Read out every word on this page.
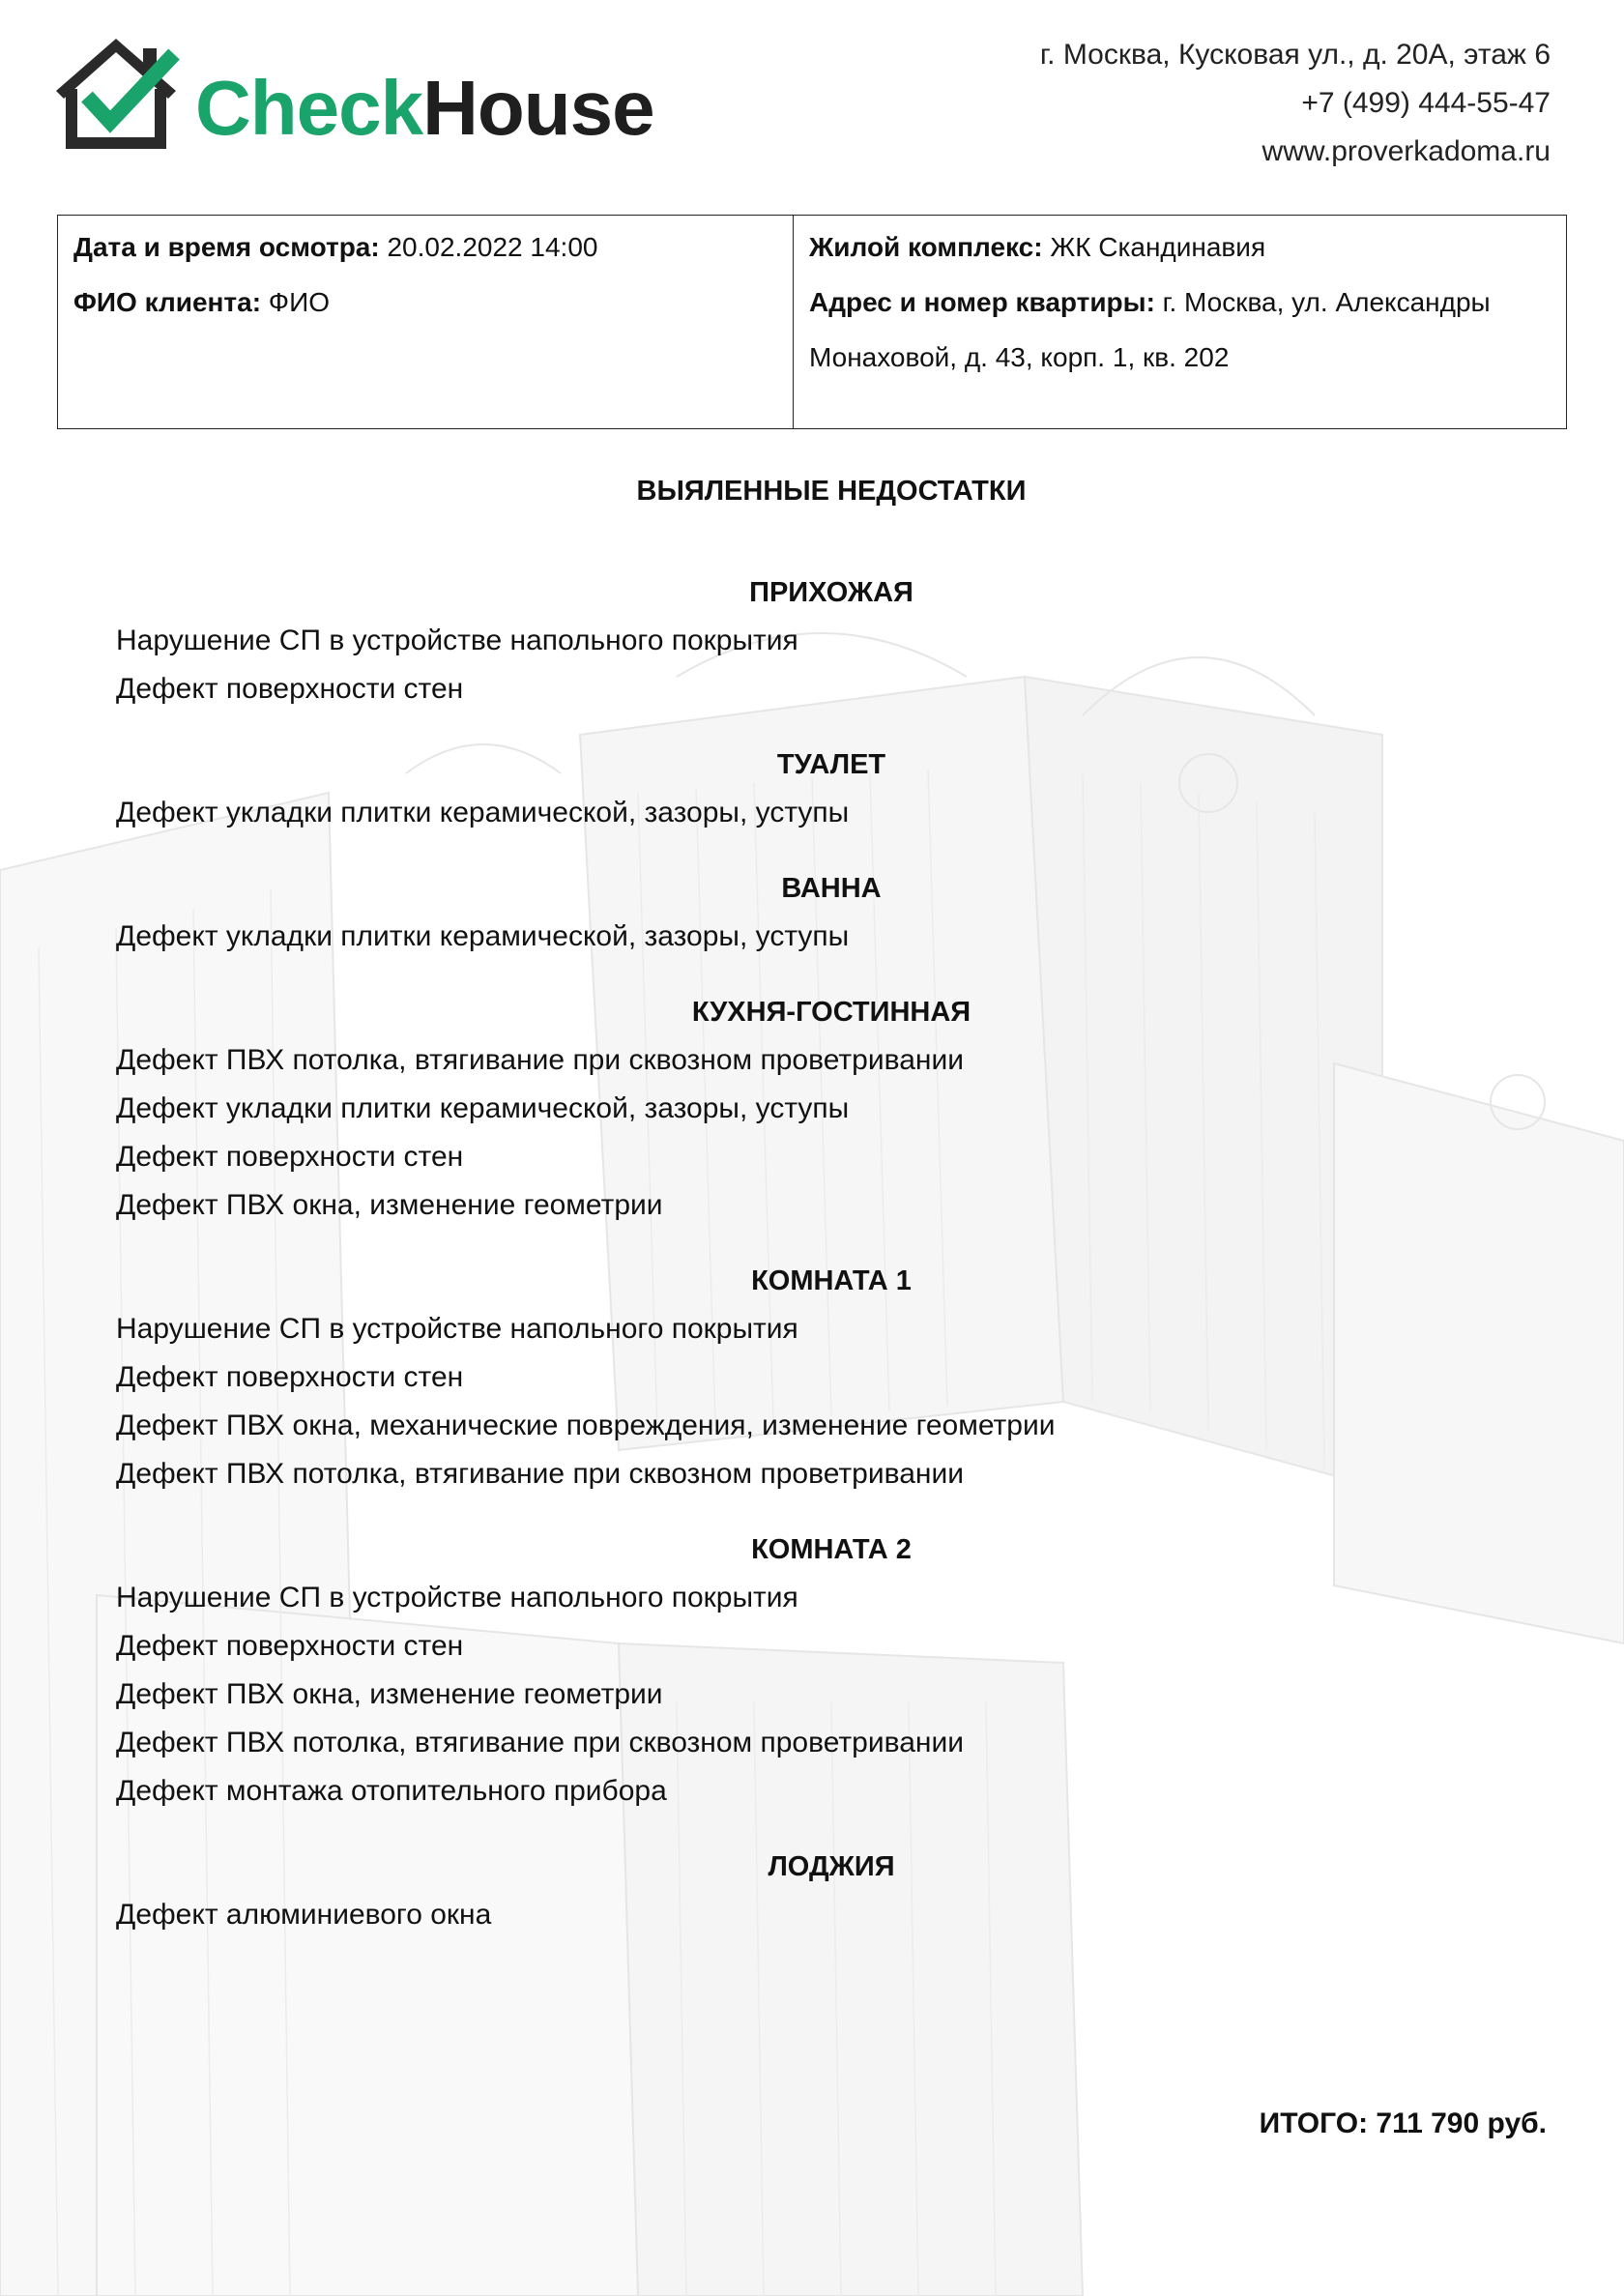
CheckHouse
г. Москва, Кусковая ул., д. 20А, этаж 6
+7 (499) 444-55-47
www.proverkadoma.ru
Дата и время осмотра: 20.02.2022 14:00
ФИО клиента: ФИО
Жилой комплекс: ЖК Скандинавия
Адрес и номер квартиры: г. Москва, ул. Александры
Монаховой, д. 43, корп. 1, кв. 202
ВЫЯЛЕННЫЕ НЕДОСТАТКИ
ПРИХОЖАЯ
Нарушение СП в устройстве напольного покрытия
Дефект поверхности стен
ТУАЛЕТ
Дефект укладки плитки керамической, зазоры, уступы
ВАННА
Дефект укладки плитки керамической, зазоры, уступы
КУХНЯ-ГОСТИННАЯ
Дефект ПВХ потолка, втягивание при сквозном проветривании
Дефект укладки плитки керамической, зазоры, уступы
Дефект поверхности стен
Дефект ПВХ окна, изменение геометрии
КОМНАТА 1
Нарушение СП в устройстве напольного покрытия
Дефект поверхности стен
Дефект ПВХ окна, механические повреждения, изменение геометрии
Дефект ПВХ потолка, втягивание при сквозном проветривании
КОМНАТА 2
Нарушение СП в устройстве напольного покрытия
Дефект поверхности стен
Дефект ПВХ окна, изменение геометрии
Дефект ПВХ потолка, втягивание при сквозном проветривании
Дефект монтажа отопительного прибора
ЛОДЖИЯ
Дефект алюминиевого окна
ИТОГО: 711 790 руб.
